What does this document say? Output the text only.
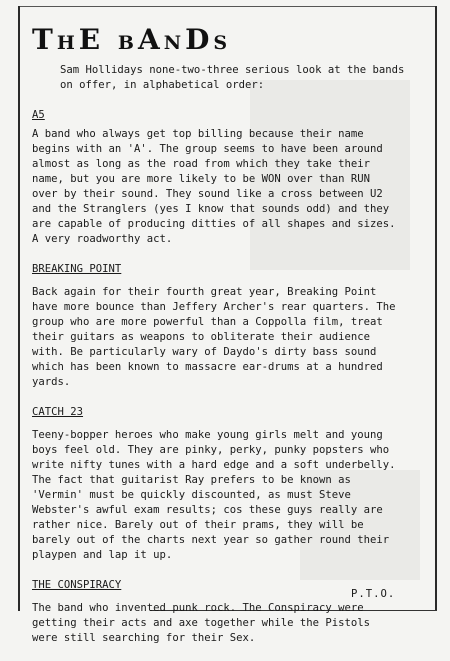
THE BANDS

Sam Hollidays none-two-three serious look at the bands
on offer, in alphabetical order:

A5

A band who always get top billing because their name
begins with an 'A'. The group seems to have been around
almost as long as the road from which they take their
name, but you are more likely to be WON over than RUN
over by their sound. They sound like a cross between U2
and the Stranglers (yes I know that sounds odd) and they
are capable of producing ditties of all shapes and sizes.
A very roadworthy act.

BREAKING POINT

Back again for their fourth great year, Breaking Point
have more bounce than Jeffery Archer's rear quarters. The
group who are more powerful than a Coppolla film, treat
their guitars as weapons to obliterate their audience
with. Be particularly wary of Daydo's dirty bass sound
which has been known to massacre ear-drums at a hundred
yards.

CATCH 23

Teeny-bopper heroes who make young girls melt and young
boys feel old. They are pinky, perky, punky popsters who
write nifty tunes with a hard edge and a soft underbelly.
The fact that guitarist Ray prefers to be known as
'Vermin' must be quickly discounted, as must Steve
Webster's awful exam results; cos these guys really are
rather nice. Barely out of their prams, they will be
barely out of the charts next year so gather round their
playpen and lap it up.

THE CONSPIRACY

The band who invented punk rock. The Conspiracy were
getting their acts and axe together while the Pistols
were still searching for their Sex.

P.T.O.
